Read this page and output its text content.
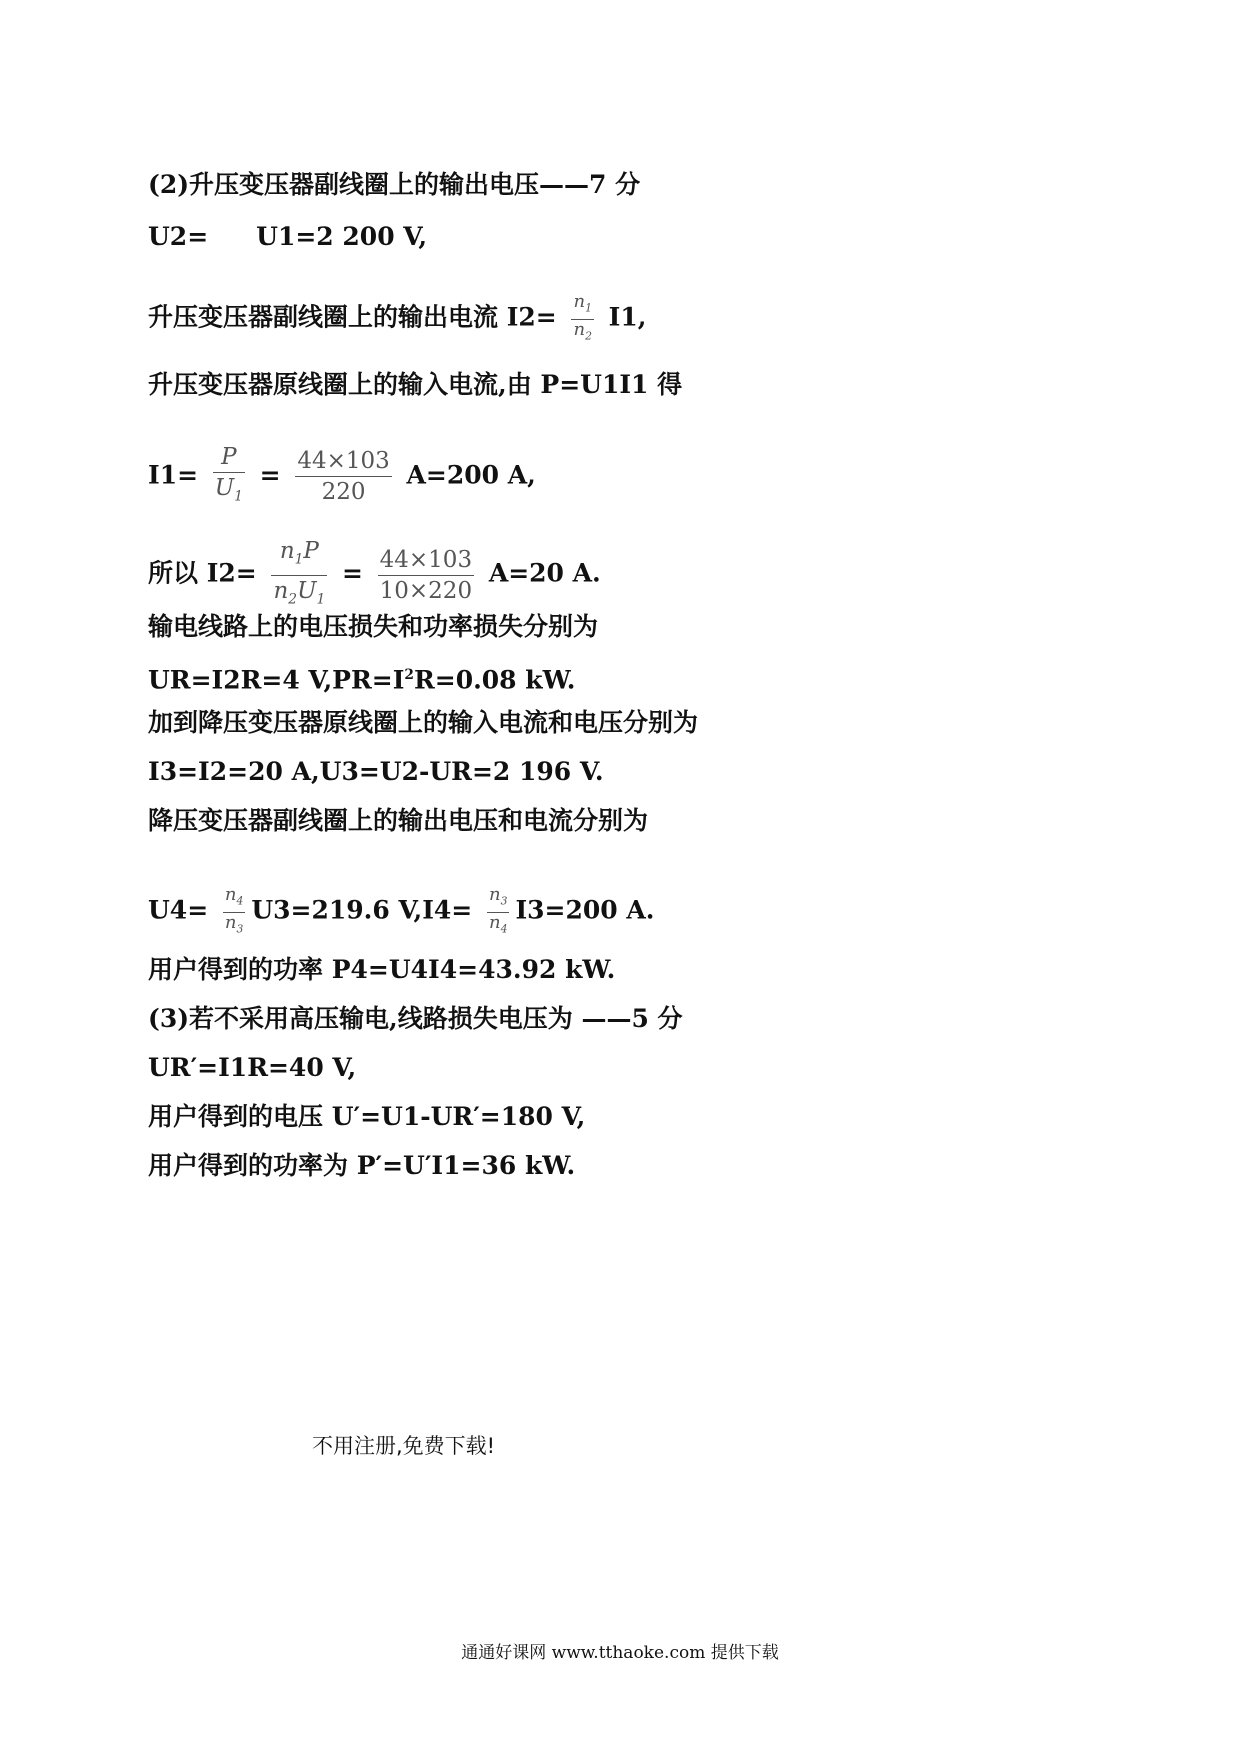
(2)升压变压器副线圈上的输出电压——7 分
U2= U1=2 200 V,
升压变压器副线圈上的输出电流 $I2= \frac{n_1}{n_2} I1$,
升压变压器原线圈上的输入电流,由 P=U1I1 得
$I1= \frac{P}{U_1} = \frac{44\times 103}{220} A=200$ A,
所以 $I2= \frac{n_1P}{n_2U_1} = \frac{44\times 103}{10\times 220} A=20$ A.
输电线路上的电压损失和功率损失分别为
UR=I2R=4 $V,PR=I^2R=0.08$ kW.
加到降压变压器原线圈上的输入电流和电压分别为
I3=I2=20 A,U3=U2-UR=2 196 V.
降压变压器副线圈上的输出电压和电流分别为
$U4= \frac{n_4}{n_3} U3=219.6$ $V,I4= \frac{n_3}{n_4} I3=200$ A.
用户得到的功率 P4=U4I4=43.92 kW.
(3)若不采用高压输电,线路损失电压为 ——5 分
UR′=I1R=40 V,
用户得到的电压 U′=U1-UR′=180 V,
用户得到的功率为 P′=U′I1=36 kW.
不用注册,免费下载!
通通好课网 www.tthaoke.com 提供下载
